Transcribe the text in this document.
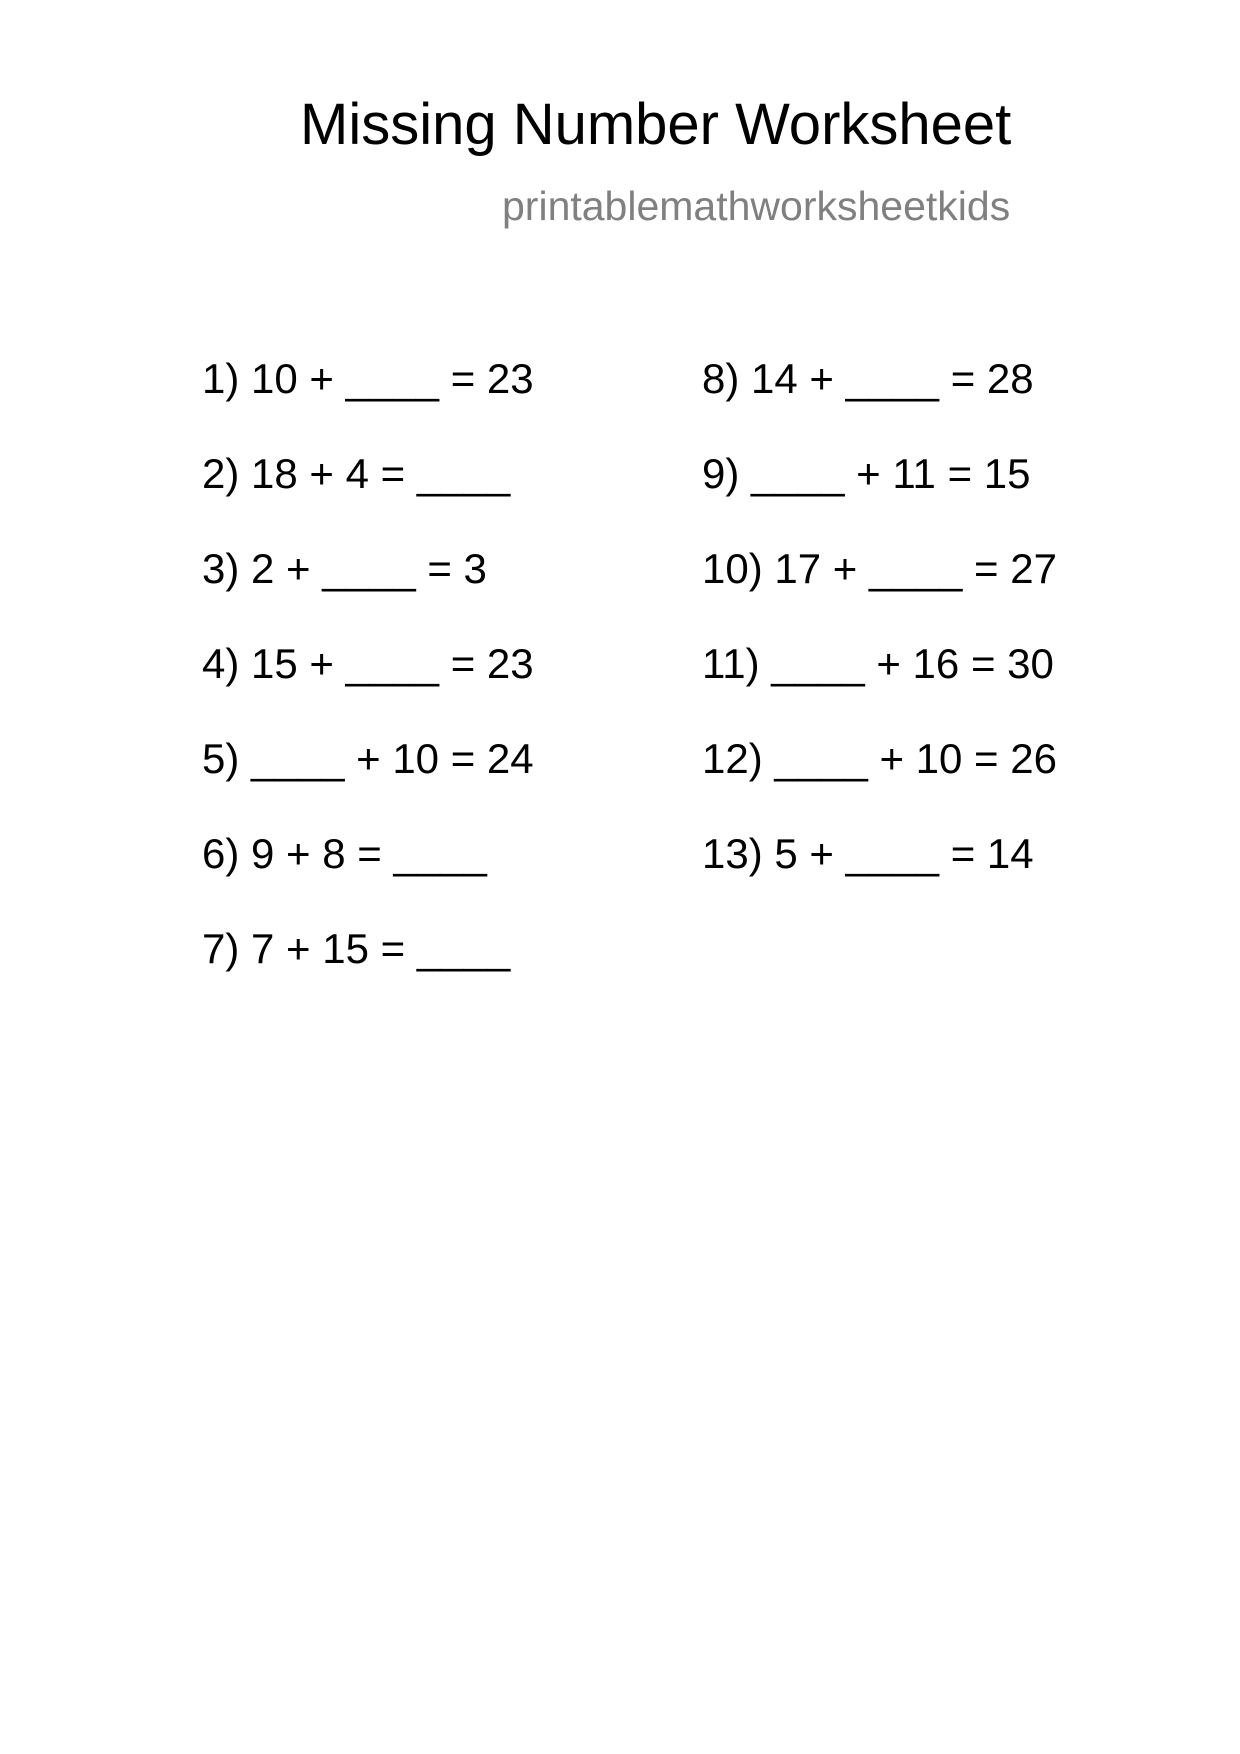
Missing Number Worksheet
printablemathworksheetkids
1) 10 + ____ = 23
2) 18 + 4 = ____
3) 2 + ____ = 3
4) 15 + ____ = 23
5) ____ + 10 = 24
6) 9 + 8 = ____
7) 7 + 15 = ____
8) 14 + ____ = 28
9) ____ + 11 = 15
10) 17 + ____ = 27
11) ____ + 16 = 30
12) ____ + 10 = 26
13) 5 + ____ = 14
